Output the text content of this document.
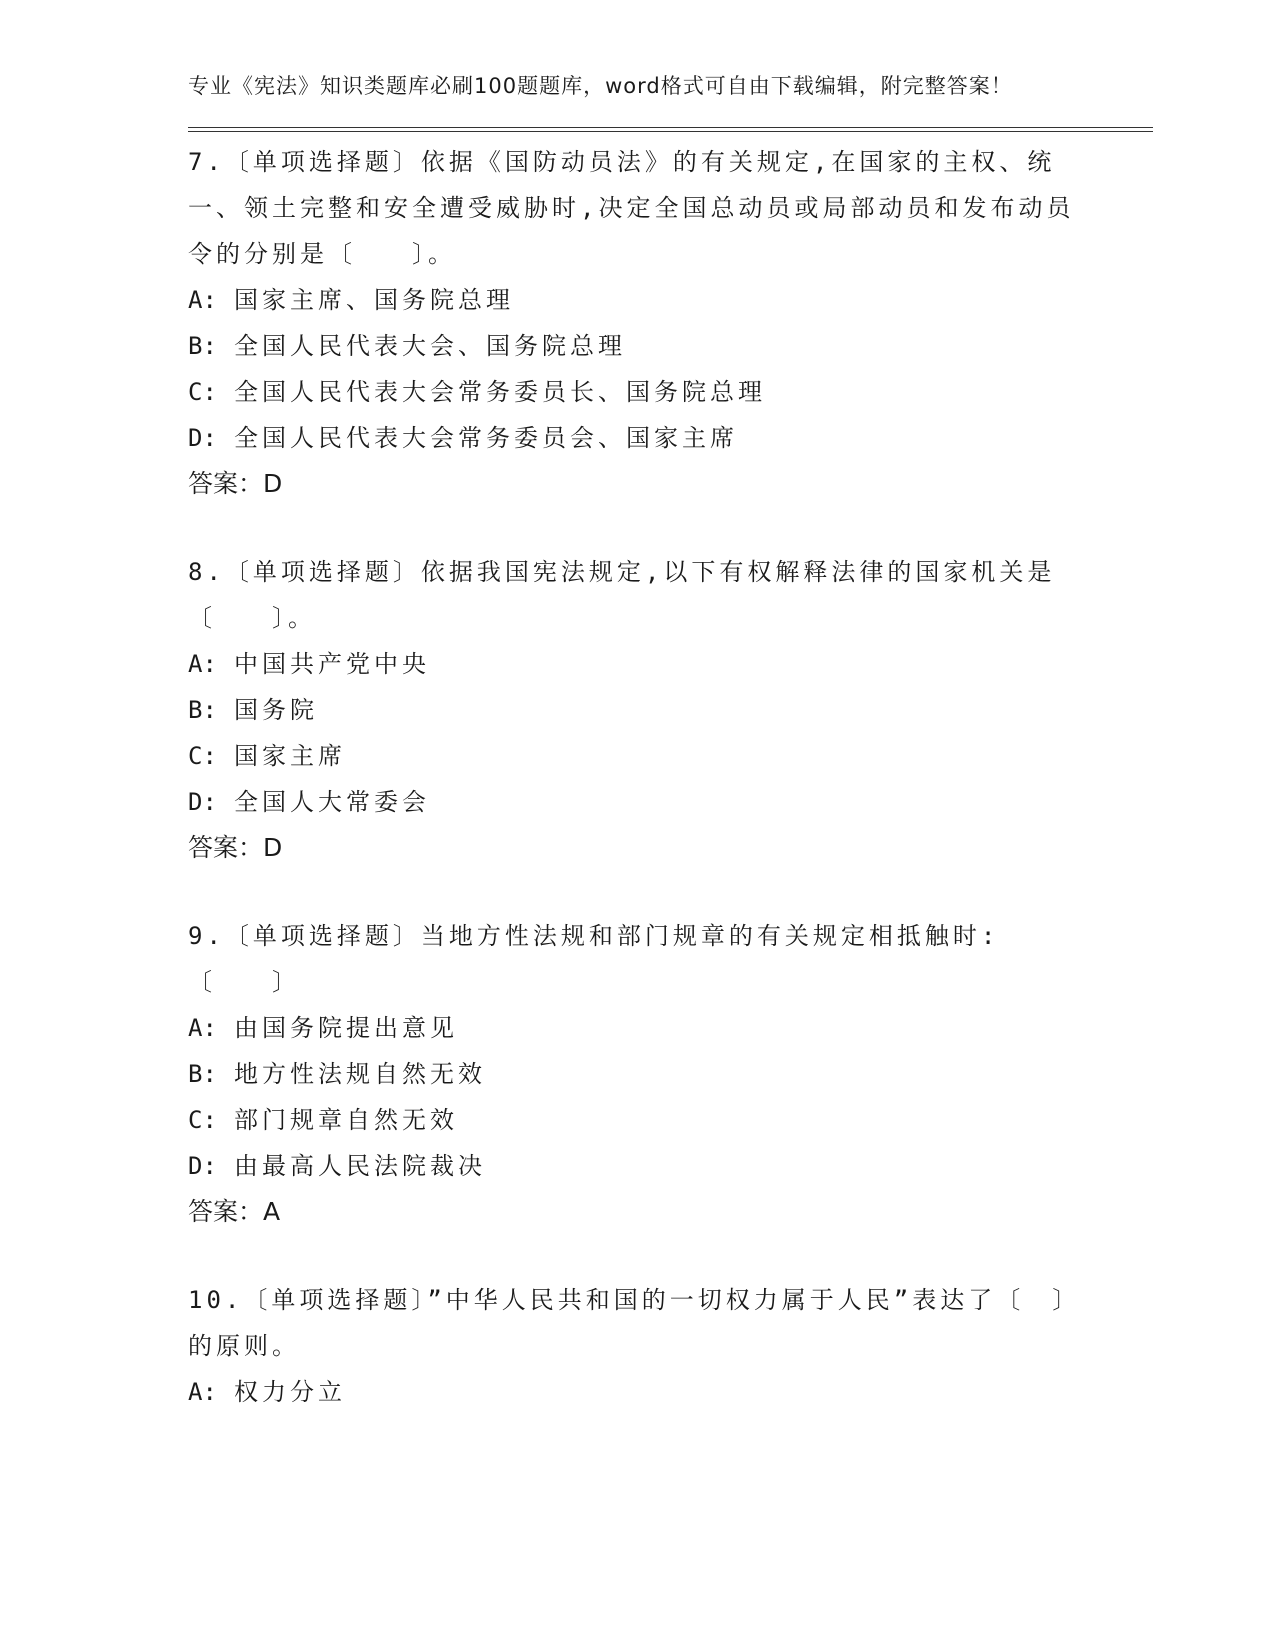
专业《宪法》知识类题库必刷100题题库，word格式可自由下载编辑，附完整答案！

7.〔单项选择题〕依据《国防动员法》的有关规定,在国家的主权、统一、领土完整和安全遭受威胁时,决定全国总动员或局部动员和发布动员令的分别是〔　　〕。

A: 国家主席、国务院总理

B: 全国人民代表大会、国务院总理

C: 全国人民代表大会常务委员长、国务院总理

D: 全国人民代表大会常务委员会、国家主席

答案：D

8.〔单项选择题〕依据我国宪法规定,以下有权解释法律的国家机关是〔　　〕。

A: 中国共产党中央

B: 国务院

C: 国家主席

D: 全国人大常委会

答案：D

9.〔单项选择题〕当地方性法规和部门规章的有关规定相抵触时:〔　　〕

A: 由国务院提出意见

B: 地方性法规自然无效

C: 部门规章自然无效

D: 由最高人民法院裁决

答案：A

10.〔单项选择题〕”中华人民共和国的一切权力属于人民”表达了〔　〕的原则。

A: 权力分立
